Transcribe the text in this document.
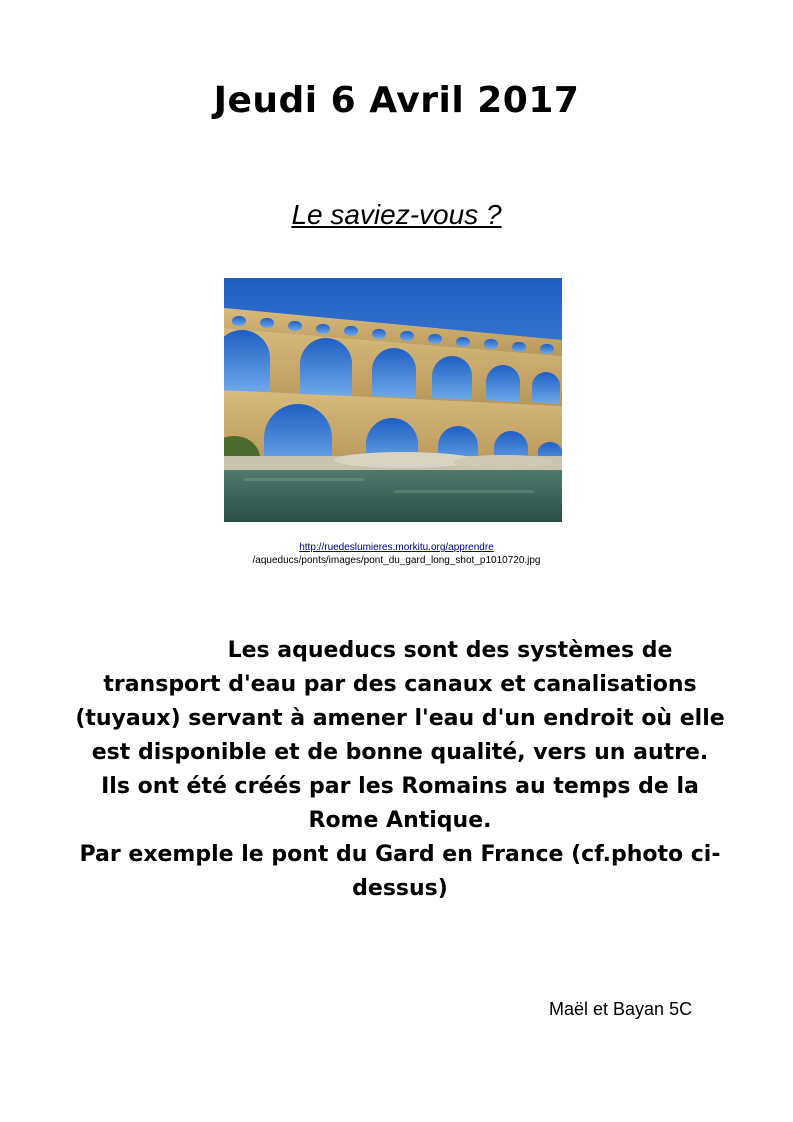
Jeudi 6 Avril 2017
Le saviez-vous ?
http://ruedeslumieres.morkitu.org/apprendre
/aqueducs/ponts/images/pont_du_gard_long_shot_p1010720.jpg

Les aqueducs sont des systèmes de transport d'eau par des canaux et canalisations (tuyaux) servant à amener l'eau d'un endroit où elle est disponible et de bonne qualité, vers un autre.

Ils ont été créés par les Romains au temps de la Rome Antique.

Par exemple le pont du Gard en France (cf.photo ci-dessus)

Maël et Bayan 5C
